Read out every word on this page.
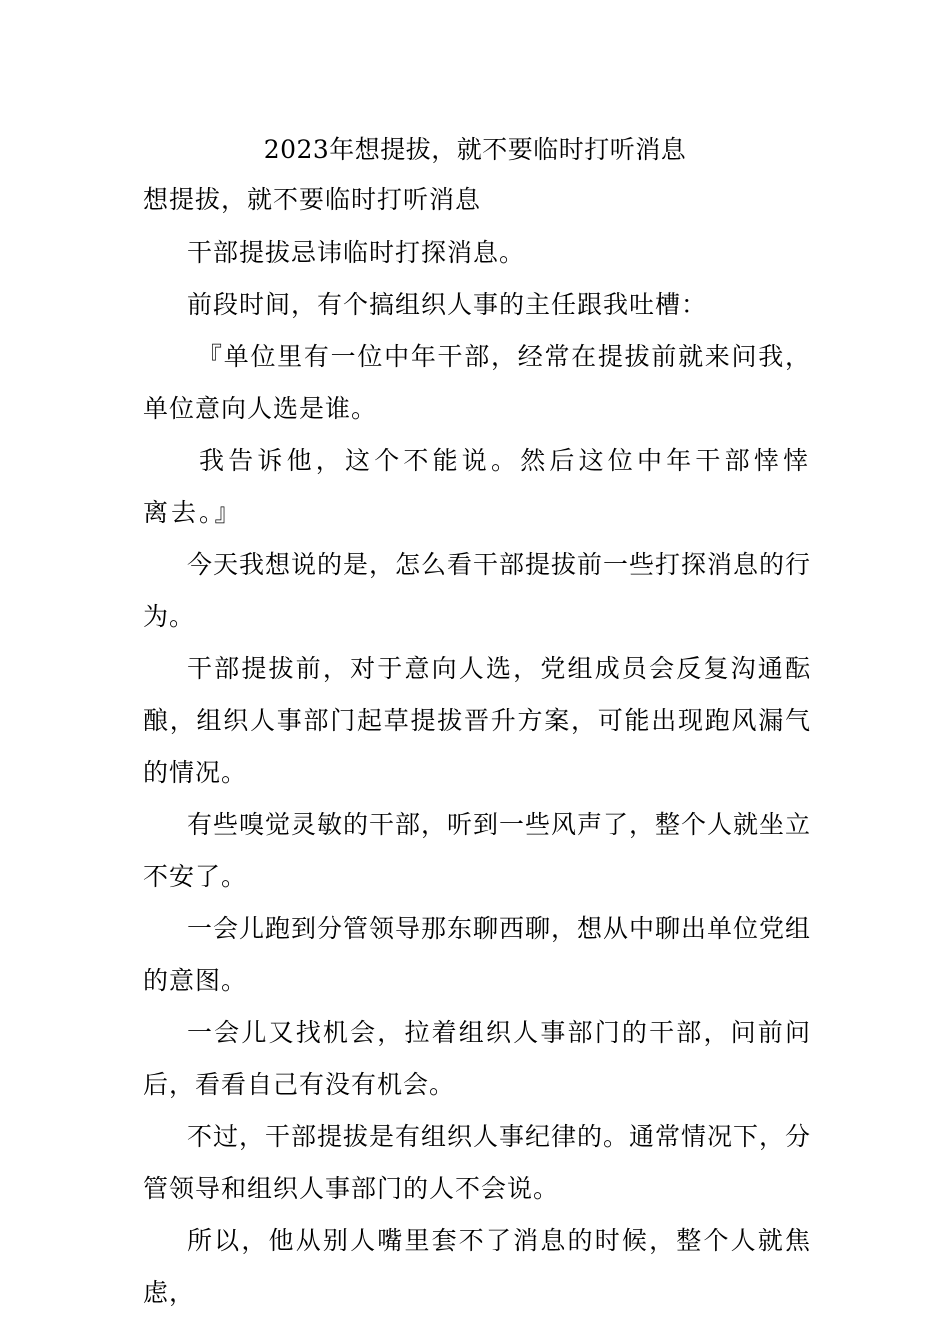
2023年想提拔，就不要临时打听消息
想提拔，就不要临时打听消息

干部提拔忌讳临时打探消息。

前段时间，有个搞组织人事的主任跟我吐槽：

『单位里有一位中年干部，经常在提拔前就来问我，单位意向人选是谁。

我告诉他，这个不能说。然后这位中年干部悻悻离去。』

今天我想说的是，怎么看干部提拔前一些打探消息的行为。

干部提拔前，对于意向人选，党组成员会反复沟通酝酿，组织人事部门起草提拔晋升方案，可能出现跑风漏气的情况。

有些嗅觉灵敏的干部，听到一些风声了，整个人就坐立不安了。

一会儿跑到分管领导那东聊西聊，想从中聊出单位党组的意图。

一会儿又找机会，拉着组织人事部门的干部，问前问后，看看自己有没有机会。

不过，干部提拔是有组织人事纪律的。通常情况下，分管领导和组织人事部门的人不会说。

所以，他从别人嘴里套不了消息的时候，整个人就焦虑，
